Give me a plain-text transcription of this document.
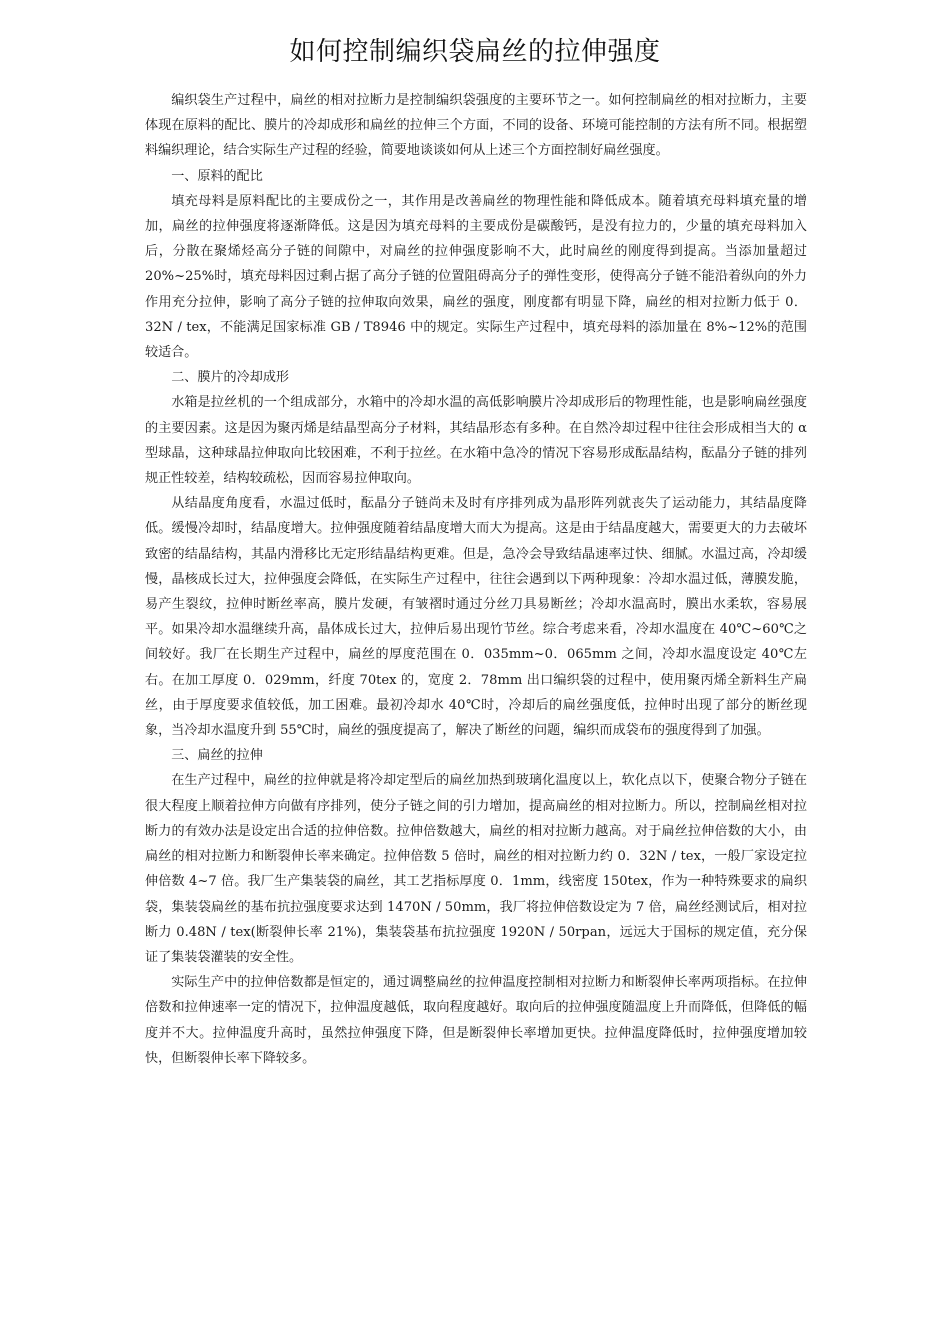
如何控制编织袋扁丝的拉伸强度

编织袋生产过程中，扁丝的相对拉断力是控制编织袋强度的主要环节之一。如何控制扁丝的相对拉断力，主要体现在原料的配比、膜片的冷却成形和扁丝的拉伸三个方面，不同的设备、环境可能控制的方法有所不同。根据塑料编织理论，结合实际生产过程的经验，简要地谈谈如何从上述三个方面控制好扁丝强度。

一、原料的配比

填充母料是原料配比的主要成份之一，其作用是改善扁丝的物理性能和降低成本。随着填充母料填充量的增加，扁丝的拉伸强度将逐渐降低。这是因为填充母料的主要成份是碳酸钙，是没有拉力的，少量的填充母料加入后，分散在聚烯烃高分子链的间隙中，对扁丝的拉伸强度影响不大，此时扁丝的刚度得到提高。当添加量超过 20%~25%时，填充母料因过剩占据了高分子链的位置阻碍高分子的弹性变形，使得高分子链不能沿着纵向的外力作用充分拉伸，影响了高分子链的拉伸取向效果，扁丝的强度，刚度都有明显下降，扁丝的相对拉断力低于 0．32N / tex，不能满足国家标准 GB / T8946 中的规定。实际生产过程中，填充母料的添加量在 8%~12%的范围较适合。

二、膜片的冷却成形

水箱是拉丝机的一个组成部分，水箱中的冷却水温的高低影响膜片冷却成形后的物理性能，也是影响扁丝强度的主要因素。这是因为聚丙烯是结晶型高分子材料，其结晶形态有多种。在自然冷却过程中往往会形成相当大的 α 型球晶，这种球晶拉伸取向比较困难，不利于拉丝。在水箱中急冷的情况下容易形成酝晶结构，酝晶分子链的排列规正性较差，结构较疏松，因而容易拉伸取向。

从结晶度角度看，水温过低时，酝晶分子链尚未及时有序排列成为晶形阵列就丧失了运动能力，其结晶度降低。缓慢冷却时，结晶度增大。拉伸强度随着结晶度增大而大为提高。这是由于结晶度越大，需要更大的力去破坏致密的结晶结构，其晶内滑移比无定形结晶结构更难。但是，急冷会导致结晶速率过快、细腻。水温过高，冷却缓慢，晶核成长过大，拉伸强度会降低，在实际生产过程中，往往会遇到以下两种现象：冷却水温过低，薄膜发脆，易产生裂纹，拉伸时断丝率高，膜片发硬，有皱褶时通过分丝刀具易断丝；冷却水温高时，膜出水柔软，容易展平。如果冷却水温继续升高，晶体成长过大，拉伸后易出现竹节丝。综合考虑来看，冷却水温度在 40℃~60℃之间较好。我厂在长期生产过程中，扁丝的厚度范围在 0．035mm~0．065mm 之间，冷却水温度设定 40℃左右。在加工厚度 0．029mm，纤度 70tex 的，宽度 2．78mm 出口编织袋的过程中，使用聚丙烯全新料生产扁丝，由于厚度要求值较低，加工困难。最初冷却水 40℃时，冷却后的扁丝强度低，拉伸时出现了部分的断丝现象，当冷却水温度升到 55℃时，扁丝的强度提高了，解决了断丝的问题，编织而成袋布的强度得到了加强。

三、扁丝的拉伸

在生产过程中，扁丝的拉伸就是将冷却定型后的扁丝加热到玻璃化温度以上，软化点以下，使聚合物分子链在很大程度上顺着拉伸方向做有序排列，使分子链之间的引力增加，提高扁丝的相对拉断力。所以，控制扁丝相对拉断力的有效办法是设定出合适的拉伸倍数。拉伸倍数越大，扁丝的相对拉断力越高。对于扁丝拉伸倍数的大小，由扁丝的相对拉断力和断裂伸长率来确定。拉伸倍数 5 倍时，扁丝的相对拉断力约 0．32N / tex，一般厂家设定拉伸倍数 4~7 倍。我厂生产集装袋的扁丝，其工艺指标厚度 0．1mm，线密度 150tex，作为一种特殊要求的扁织袋，集装袋扁丝的基布抗拉强度要求达到 1470N / 50mm，我厂将拉伸倍数设定为 7 倍，扁丝经测试后，相对拉断力 0.48N / tex(断裂伸长率 21%)，集装袋基布抗拉强度 1920N / 50rpan，远远大于国标的规定值，充分保证了集装袋灌装的安全性。

实际生产中的拉伸倍数都是恒定的，通过调整扁丝的拉伸温度控制相对拉断力和断裂伸长率两项指标。在拉伸倍数和拉伸速率一定的情况下，拉伸温度越低，取向程度越好。取向后的拉伸强度随温度上升而降低，但降低的幅度并不大。拉伸温度升高时，虽然拉伸强度下降，但是断裂伸长率增加更快。拉伸温度降低时，拉伸强度增加较快，但断裂伸长率下降较多。
